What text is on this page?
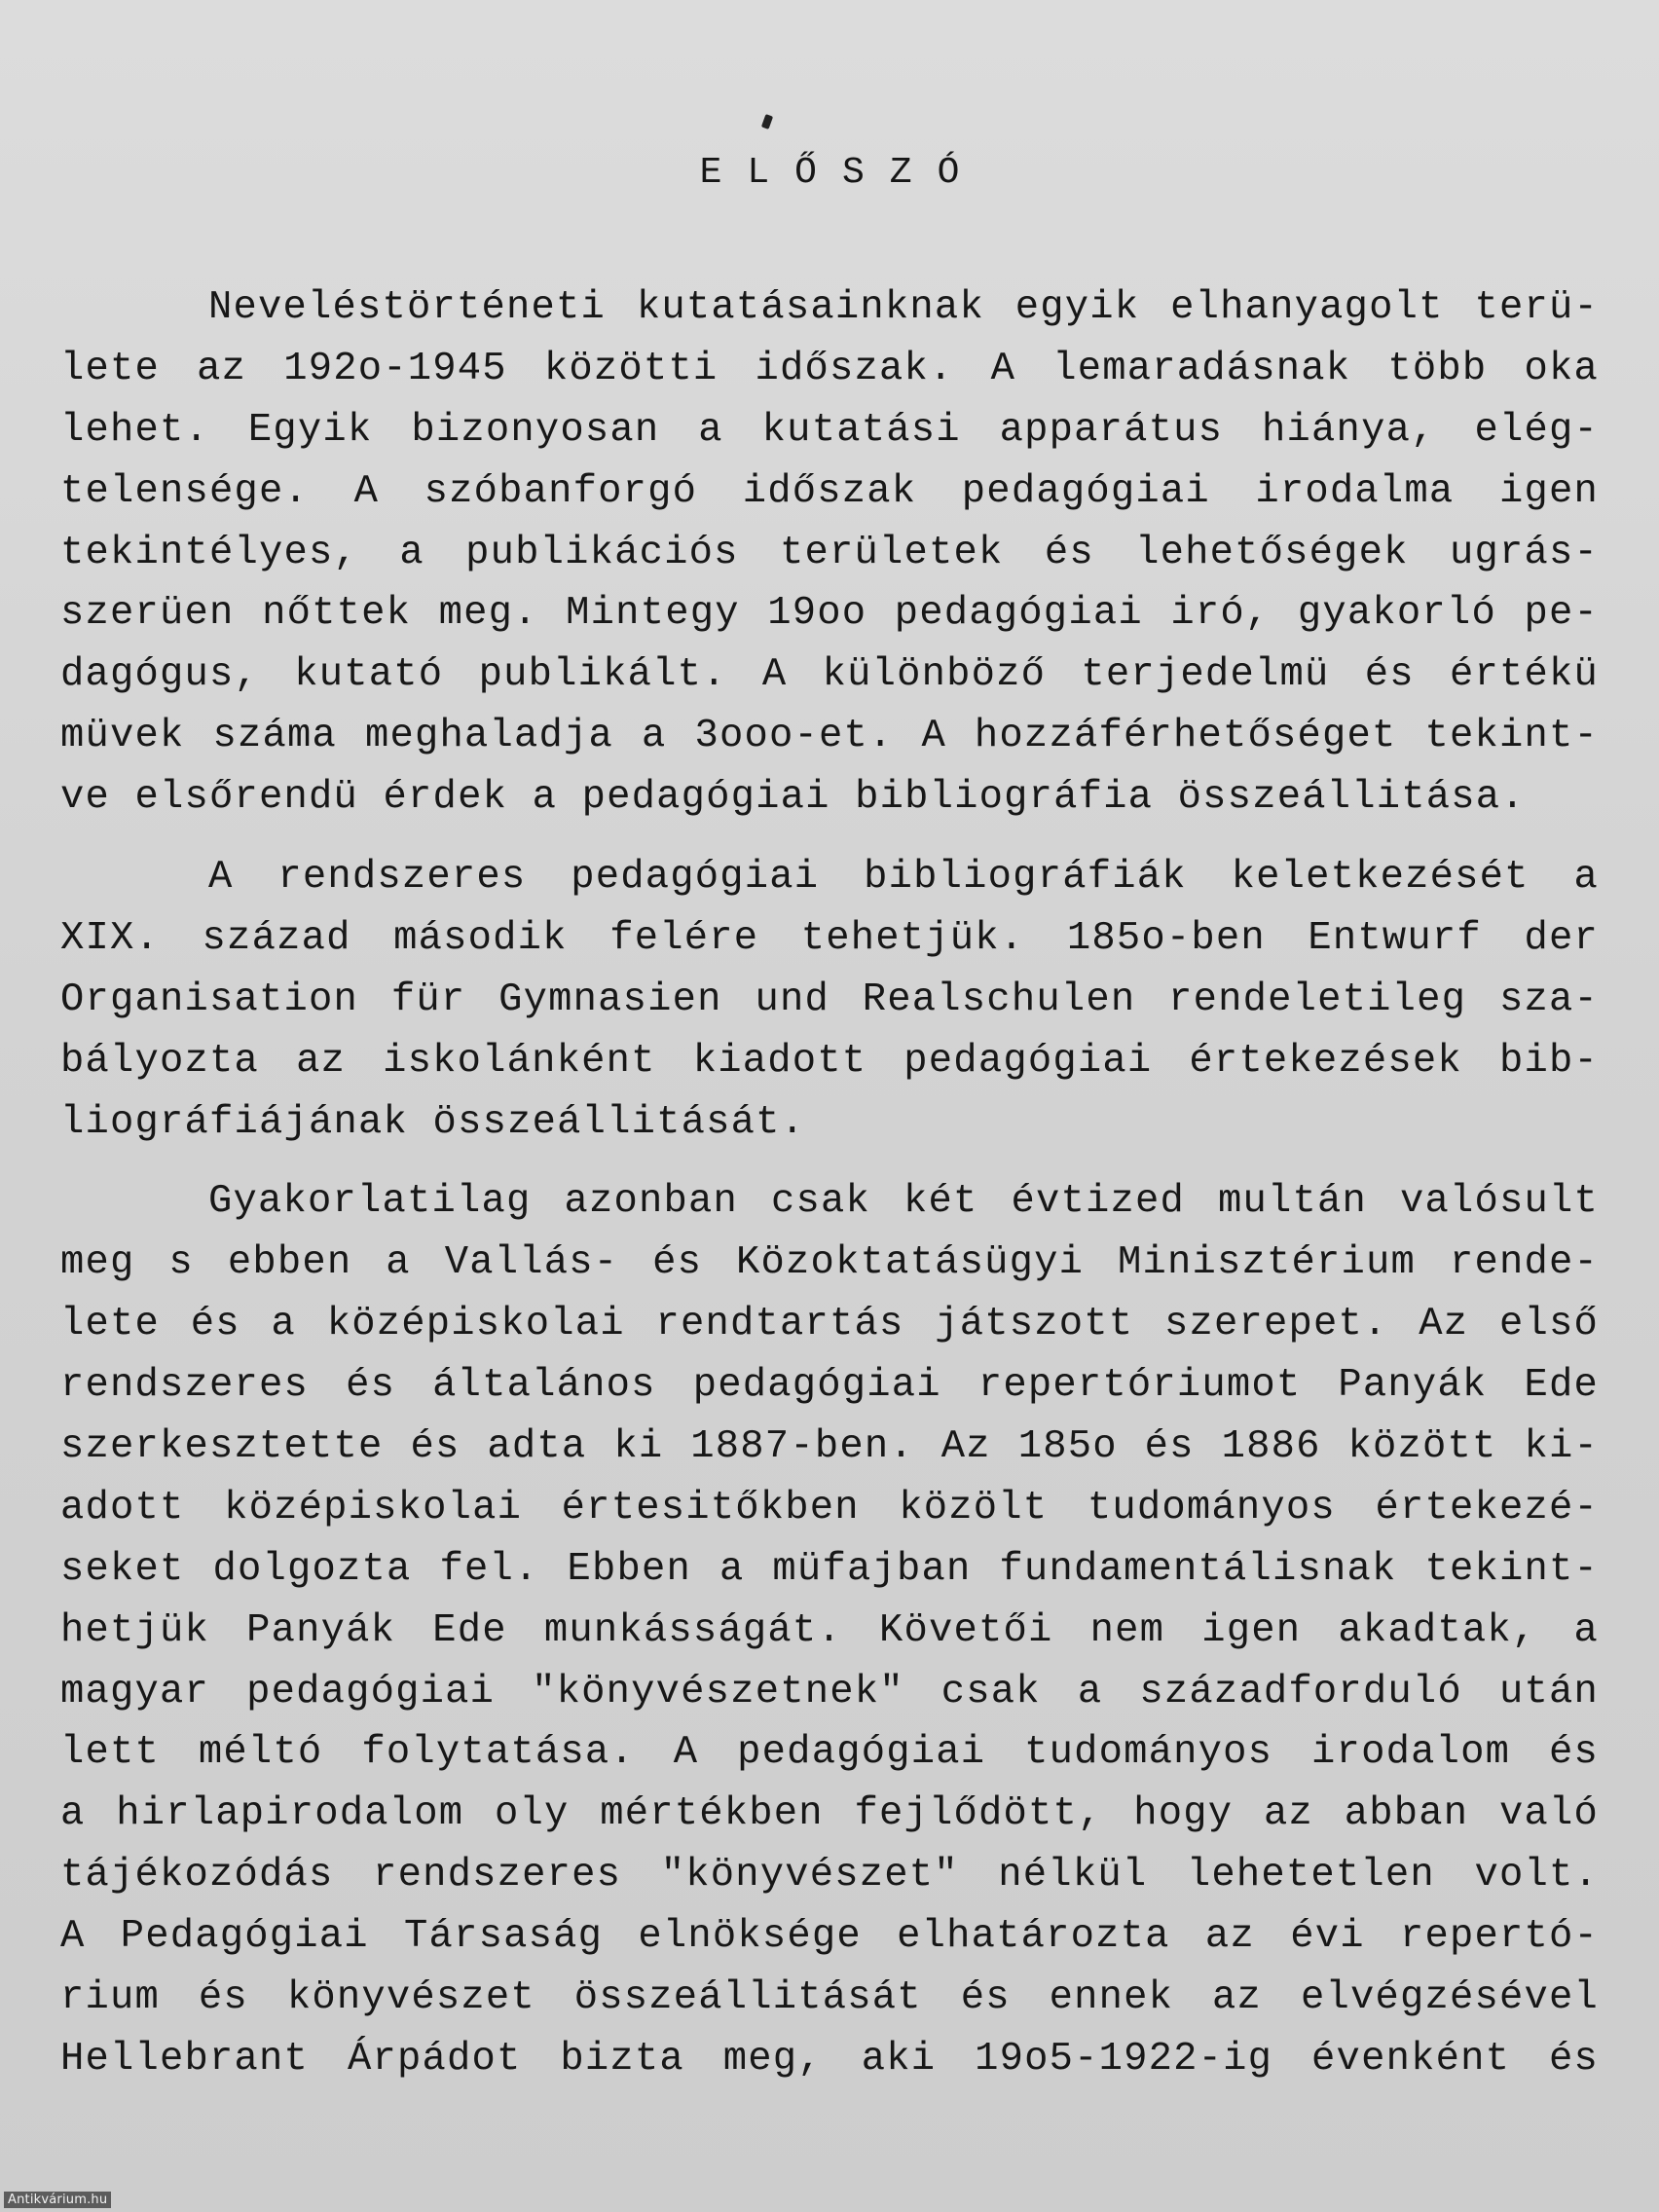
ELŐSZÓ
Neveléstörténeti kutatásainknak egyik elhanyagolt terü-
lete az 192o-1945 közötti időszak. A lemaradásnak több oka
lehet. Egyik bizonyosan a kutatási apparátus hiánya, elég-
telensége. A szóbanforgó időszak pedagógiai irodalma igen
tekintélyes, a publikációs területek és lehetőségek ugrás-
szerüen nőttek meg. Mintegy 19oo pedagógiai iró, gyakorló pe-
dagógus, kutató publikált. A különböző terjedelmü és értékü
müvek száma meghaladja a 3ooo-et. A hozzáférhetőséget tekint-
ve elsőrendü érdek a pedagógiai bibliográfia összeállitása.
A rendszeres pedagógiai bibliográfiák keletkezését a
XIX. század második felére tehetjük. 185o-ben Entwurf der
Organisation für Gymnasien und Realschulen rendeletileg sza-
bályozta az iskolánként kiadott pedagógiai értekezések bib-
liográfiájának összeállitását.
Gyakorlatilag azonban csak két évtized multán valósult
meg s ebben a Vallás- és Közoktatásügyi Minisztérium rende-
lete és a középiskolai rendtartás játszott szerepet. Az első
rendszeres és általános pedagógiai repertóriumot Panyák Ede
szerkesztette és adta ki 1887-ben. Az 185o és 1886 között ki-
adott középiskolai értesitőkben közölt tudományos értekezé-
seket dolgozta fel. Ebben a müfajban fundamentálisnak tekint-
hetjük Panyák Ede munkásságát. Követői nem igen akadtak, a
magyar pedagógiai "könyvészetnek" csak a századforduló után
lett méltó folytatása. A pedagógiai tudományos irodalom és
a hirlapirodalom oly mértékben fejlődött, hogy az abban való
tájékozódás rendszeres "könyvészet" nélkül lehetetlen volt.
A Pedagógiai Társaság elnöksége elhatározta az évi repertó-
rium és könyvészet összeállitását és ennek az elvégzésével
Hellebrant Árpádot bizta meg, aki 19o5-1922-ig évenként és
Antikvárium.hu
